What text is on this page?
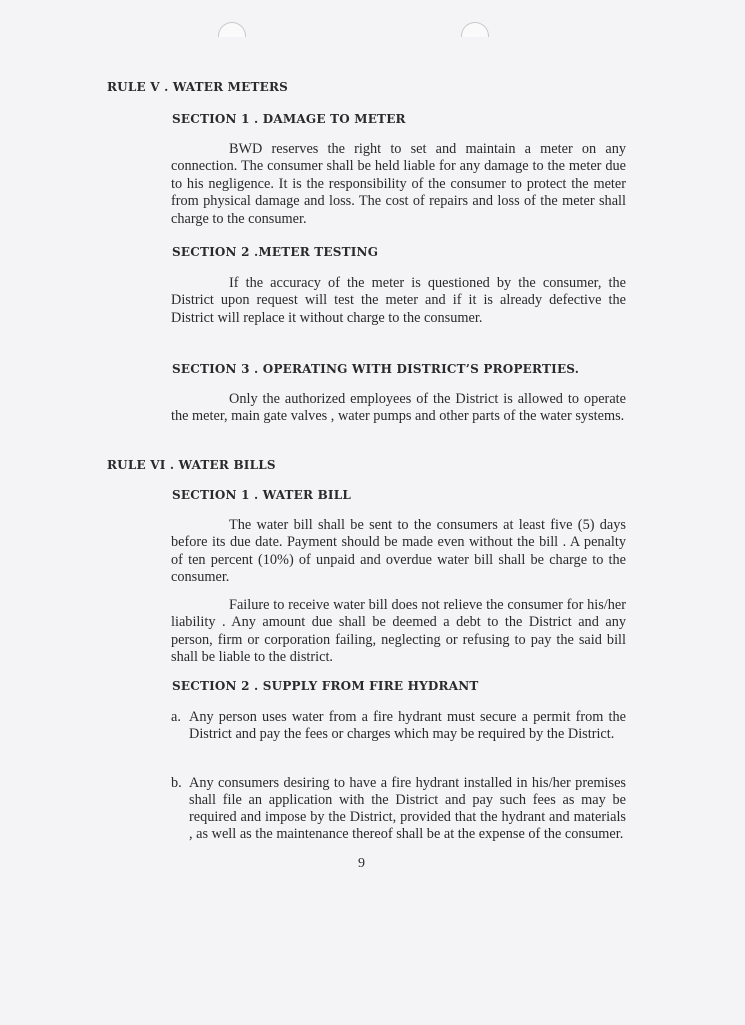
RULE V . WATER METERS
SECTION 1 . DAMAGE TO METER

BWD reserves the right to set and maintain a meter on any connection. The consumer shall be held liable for any damage to the meter due to his negligence. It is the responsibility of the consumer to protect the meter from physical damage and loss. The cost of repairs and loss of the meter shall charge to the consumer.

SECTION 2 .METER TESTING

If the accuracy of the meter is questioned by the consumer, the District upon request will test the meter and if it is already defective the District will replace it without charge to the consumer.

SECTION 3 . OPERATING WITH DISTRICT’S PROPERTIES.

Only the authorized employees of the District is allowed to operate the meter, main gate valves , water pumps and other parts of the water systems.

RULE VI . WATER BILLS
SECTION 1 . WATER BILL

The water bill shall be sent to the consumers at least five (5) days before its due date. Payment should be made even without the bill . A penalty of ten percent (10%) of unpaid and overdue water bill shall be charge to the consumer.

Failure to receive water bill does not relieve the consumer for his/her liability . Any amount due shall be deemed a debt to the District and any person, firm or corporation failing, neglecting or refusing to pay the said bill shall be liable to the district.

SECTION 2 . SUPPLY FROM FIRE HYDRANT
a. Any person uses water from a fire hydrant must secure a permit from the District and pay the fees or charges which may be required by the District.
b. Any consumers desiring to have a fire hydrant installed in his/her premises shall file an application with the District and pay such fees as may be required and impose by the District, provided that the hydrant and materials , as well as the maintenance thereof shall be at the expense of the consumer.
9
